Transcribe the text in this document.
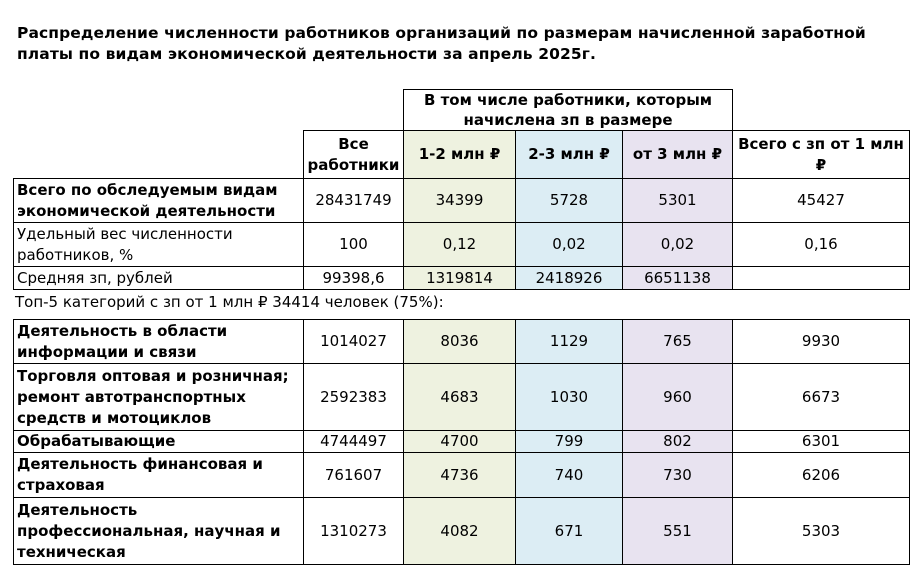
Распределение численности работников организаций по размерам начисленной заработной платы по видам экономической деятельности за апрель 2025г.
		В том числе работники, которым начислена зп в размере			
	Все работники	1-2 млн ₽	2-3 млн ₽	от 3 млн ₽	Всего с зп от 1 млн ₽
Всего по обследуемым видам экономической деятельности	28431749	34399	5728	5301	45427
Удельный вес численности работников, %	100	0,12	0,02	0,02	0,16
Средняя зп, рублей	99398,6	1319814	2418926	6651138	
Топ-5 категорий с зп от 1 млн ₽ 34414 человек (75%):
Деятельность в области информации и связи	1014027	8036	1129	765	9930
Торговля оптовая и розничная; ремонт автотранспортных средств и мотоциклов	2592383	4683	1030	960	6673
Обрабатывающие	4744497	4700	799	802	6301
Деятельность финансовая и страховая	761607	4736	740	730	6206
Деятельность профессиональная, научная и техническая	1310273	4082	671	551	5303
